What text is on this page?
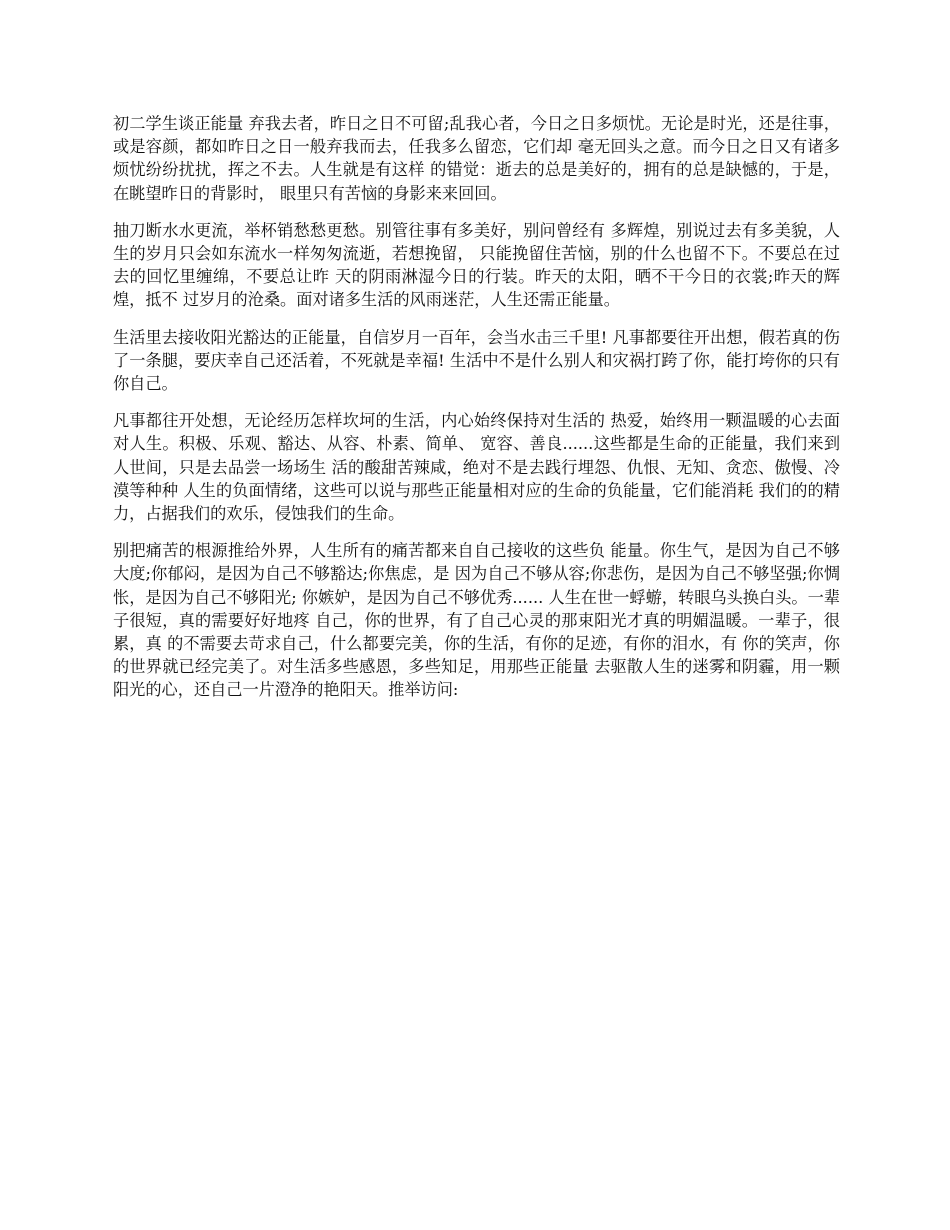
初二学生谈正能量 弃我去者，昨日之日不可留;乱我心者，今日之日多烦忧。无论是时光，还是往事，或是容颜，都如昨日之日一般弃我而去，任我多么留恋，它们却 毫无回头之意。而今日之日又有诸多烦忧纷纷扰扰，挥之不去。人生就是有这样 的错觉：逝去的总是美好的，拥有的总是缺憾的，于是，在眺望昨日的背影时， 眼里只有苦恼的身影来来回回。

抽刀断水水更流，举杯销愁愁更愁。别管往事有多美好，别问曾经有 多辉煌，别说过去有多美貌，人生的岁月只会如东流水一样匆匆流逝，若想挽留， 只能挽留住苦恼，别的什么也留不下。不要总在过去的回忆里缠绵，不要总让昨 天的阴雨淋湿今日的行装。昨天的太阳，晒不干今日的衣裳;昨天的辉煌，抵不 过岁月的沧桑。面对诸多生活的风雨迷茫，人生还需正能量。

生活里去接收阳光豁达的正能量，自信岁月一百年，会当水击三千里! 凡事都要往开出想，假若真的伤了一条腿，要庆幸自己还活着，不死就是幸福! 生活中不是什么别人和灾祸打跨了你，能打垮你的只有你自己。

凡事都往开处想，无论经历怎样坎坷的生活，内心始终保持对生活的 热爱，始终用一颗温暖的心去面对人生。积极、乐观、豁达、从容、朴素、简单、 宽容、善良......这些都是生命的正能量，我们来到人世间，只是去品尝一场场生 活的酸甜苦辣咸，绝对不是去践行埋怨、仇恨、无知、贪恋、傲慢、冷漠等种种 人生的负面情绪，这些可以说与那些正能量相对应的生命的负能量，它们能消耗 我们的的精力，占据我们的欢乐，侵蚀我们的生命。

别把痛苦的根源推给外界，人生所有的痛苦都来自自己接收的这些负 能量。你生气，是因为自己不够大度;你郁闷，是因为自己不够豁达;你焦虑，是 因为自己不够从容;你悲伤，是因为自己不够坚强;你惆怅，是因为自己不够阳光; 你嫉妒，是因为自己不够优秀...... 人生在世一蜉蝣，转眼乌头换白头。一辈子很短，真的需要好好地疼 自己，你的世界，有了自己心灵的那束阳光才真的明媚温暖。一辈子，很累，真 的不需要去苛求自己，什么都要完美，你的生活，有你的足迹，有你的泪水，有 你的笑声，你的世界就已经完美了。对生活多些感恩，多些知足，用那些正能量 去驱散人生的迷雾和阴霾，用一颗阳光的心，还自己一片澄净的艳阳天。推举访问:
